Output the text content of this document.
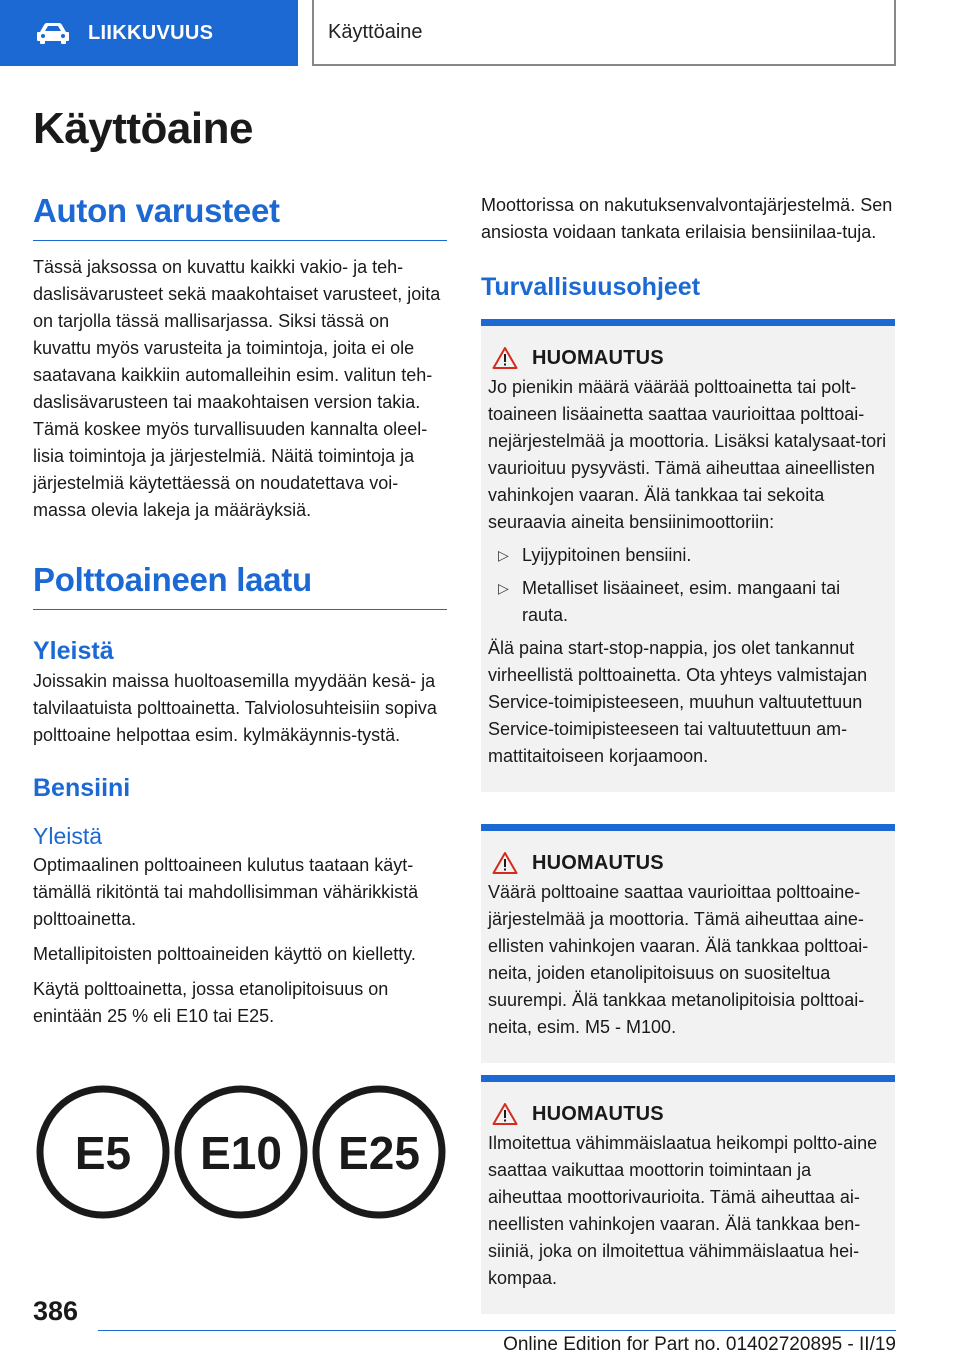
LIIKKUVUUS	Käyttöaine
Käyttöaine
Auton varusteet

Tässä jaksossa on kuvattu kaikki vakio- ja teh-daslisävarusteet sekä maakohtaiset varusteet, joita on tarjolla tässä mallisarjassa. Siksi tässä on kuvattu myös varusteita ja toimintoja, joita ei ole saatavana kaikkiin automalleihin esim. valitun teh-daslisävarusteen tai maakohtaisen version takia. Tämä koskee myös turvallisuuden kannalta oleel-lisia toimintoja ja järjestelmiä. Näitä toimintoja ja järjestelmiä käytettäessä on noudatettava voi-massa olevia lakeja ja määräyksiä.

Polttoaineen laatu
Yleistä

Joissakin maissa huoltoasemilla myydään kesä- ja talvilaatuista polttoainetta. Talviolosuhteisiin sopiva polttoaine helpottaa esim. kylmäkäynnis-tystä.

Bensiini
Yleistä

Optimaalinen polttoaineen kulutus taataan käyt-tämällä rikitöntä tai mahdollisimman vähärikkistä polttoainetta.

Metallipitoisten polttoaineiden käyttö on kielletty.

Käytä polttoainetta, jossa etanolipitoisuus on enintään 25 % eli E10 tai E25.

E5 E10 E25

Moottorissa on nakutuksenvalvontajärjestelmä. Sen ansiosta voidaan tankata erilaisia bensiinilaa-tuja.

Turvallisuusohjeet
HUOMAUTUS

Jo pienikin määrä väärää polttoainetta tai polt-toaineen lisäainetta saattaa vaurioittaa polttoai-nejärjestelmää ja moottoria. Lisäksi katalysaat-tori vaurioituu pysyvästi. Tämä aiheuttaa aineellisten vahinkojen vaaran. Älä tankkaa tai sekoita seuraavia aineita bensiinimoottoriin:

▷ Lyijypitoinen bensiini.
▷ Metalliset lisäaineet, esim. mangaani tai rauta.

Älä paina start-stop-nappia, jos olet tankannut virheellistä polttoainetta. Ota yhteys valmistajan Service-toimipisteeseen, muuhun valtuutettuun Service-toimipisteeseen tai valtuutettuun am-mattitaitoiseen korjaamoon.

HUOMAUTUS

Väärä polttoaine saattaa vaurioittaa polttoaine-järjestelmää ja moottoria. Tämä aiheuttaa aine-ellisten vahinkojen vaaran. Älä tankkaa polttoai-neita, joiden etanolipitoisuus on suositeltua suurempi. Älä tankkaa metanolipitoisia polttoai-neita, esim. M5 - M100.

HUOMAUTUS

Ilmoitettua vähimmäislaatua heikompi poltto-aine saattaa vaikuttaa moottorin toimintaan ja aiheuttaa moottorivaurioita. Tämä aiheuttaa ai-neellisten vahinkojen vaaran. Älä tankkaa ben-siiniä, joka on ilmoitettua vähimmäislaatua hei-kompaa.

386
Online Edition for Part no. 01402720895 - II/19
